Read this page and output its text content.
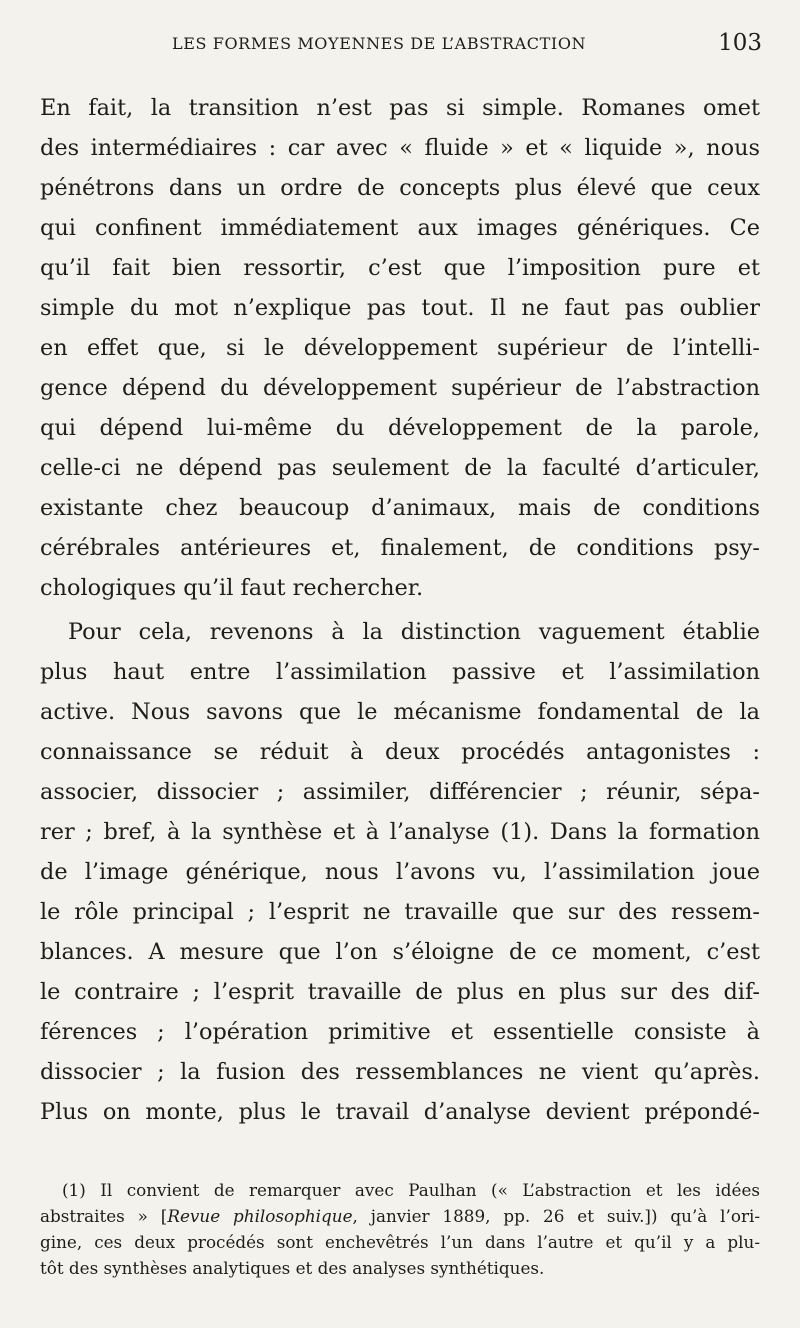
LES FORMES MOYENNES DE L’ABSTRACTION	103
En fait, la transition n’est pas si simple. Romanes omet
des intermédiaires : car avec « fluide » et « liquide », nous
pénétrons dans un ordre de concepts plus élevé que ceux
qui confinent immédiatement aux images génériques. Ce
qu’il fait bien ressortir, c’est que l’imposition pure et
simple du mot n’explique pas tout. Il ne faut pas oublier
en effet que, si le développement supérieur de l’intelli-
gence dépend du développement supérieur de l’abstraction
qui dépend lui-même du développement de la parole,
celle-ci ne dépend pas seulement de la faculté d’articuler,
existante chez beaucoup d’animaux, mais de conditions
cérébrales antérieures et, finalement, de conditions psy-
chologiques qu’il faut rechercher.
Pour cela, revenons à la distinction vaguement établie
plus haut entre l’assimilation passive et l’assimilation
active. Nous savons que le mécanisme fondamental de la
connaissance se réduit à deux procédés antagonistes :
associer, dissocier ; assimiler, différencier ; réunir, sépa-
rer ; bref, à la synthèse et à l’analyse (1). Dans la formation
de l’image générique, nous l’avons vu, l’assimilation joue
le rôle principal ; l’esprit ne travaille que sur des ressem-
blances. A mesure que l’on s’éloigne de ce moment, c’est
le contraire ; l’esprit travaille de plus en plus sur des dif-
férences ; l’opération primitive et essentielle consiste à
dissocier ; la fusion des ressemblances ne vient qu’après.
Plus on monte, plus le travail d’analyse devient prépondé-
(1) Il convient de remarquer avec Paulhan (« L’abstraction et les idées
abstraites » [Revue philosophique, janvier 1889, pp. 26 et suiv.]) qu’à l’ori-
gine, ces deux procédés sont enchevêtrés l’un dans l’autre et qu’il y a plu-
tôt des synthèses analytiques et des analyses synthétiques.
